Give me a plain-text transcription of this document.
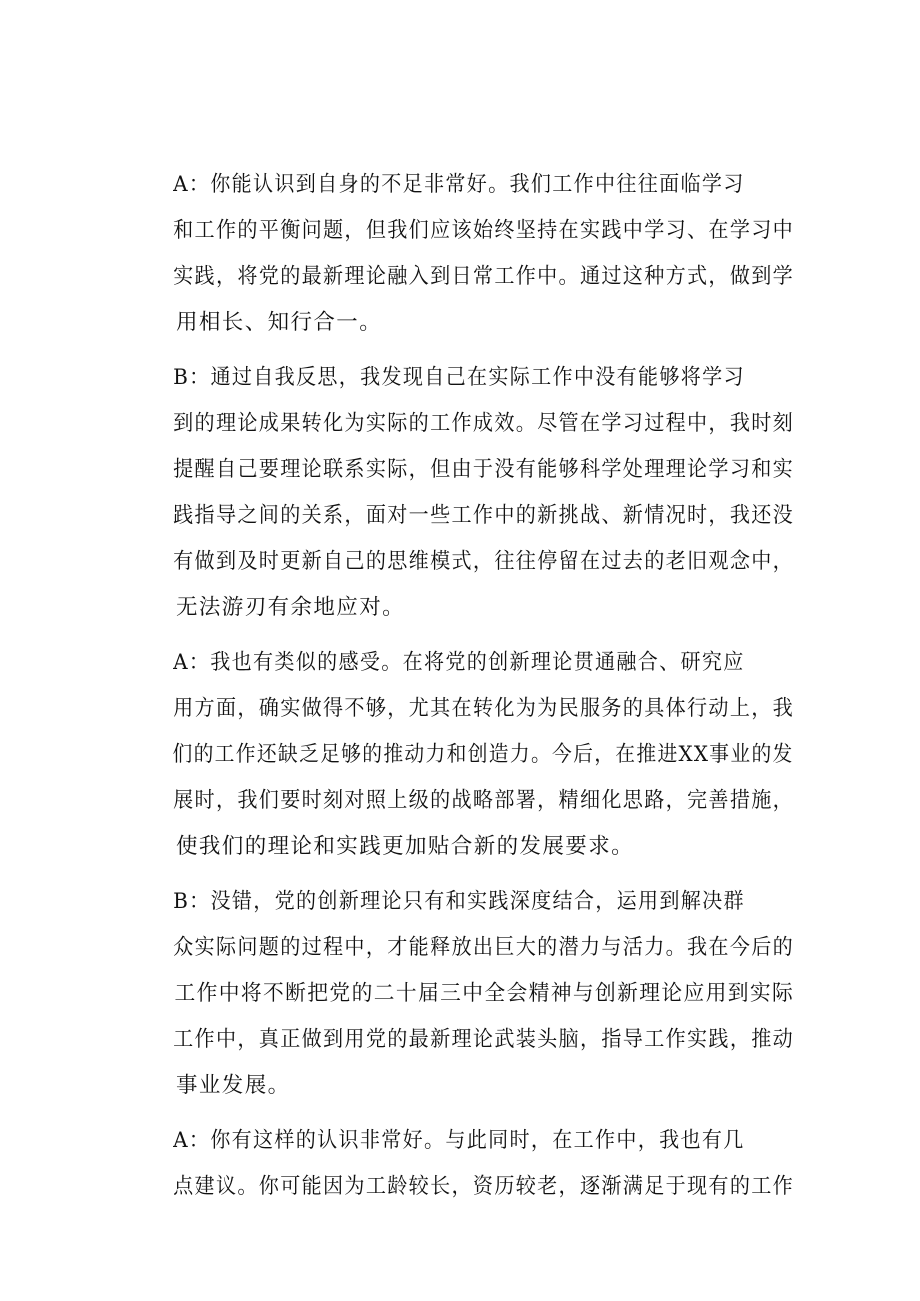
A：你能认识到自身的不足非常好。我们工作中往往面临学习
和工作的平衡问题，但我们应该始终坚持在实践中学习、在学习中
实践，将党的最新理论融入到日常工作中。通过这种方式，做到学
用相长、知行合一。

B：通过自我反思，我发现自己在实际工作中没有能够将学习
到的理论成果转化为实际的工作成效。尽管在学习过程中，我时刻
提醒自己要理论联系实际，但由于没有能够科学处理理论学习和实
践指导之间的关系，面对一些工作中的新挑战、新情况时，我还没
有做到及时更新自己的思维模式，往往停留在过去的老旧观念中，
无法游刃有余地应对。

A：我也有类似的感受。在将党的创新理论贯通融合、研究应
用方面，确实做得不够，尤其在转化为为民服务的具体行动上，我
们的工作还缺乏足够的推动力和创造力。今后，在推进XX事业的发
展时，我们要时刻对照上级的战略部署，精细化思路，完善措施，
使我们的理论和实践更加贴合新的发展要求。

B：没错，党的创新理论只有和实践深度结合，运用到解决群
众实际问题的过程中，才能释放出巨大的潜力与活力。我在今后的
工作中将不断把党的二十届三中全会精神与创新理论应用到实际
工作中，真正做到用党的最新理论武装头脑，指导工作实践，推动
事业发展。

A：你有这样的认识非常好。与此同时，在工作中，我也有几
点建议。你可能因为工龄较长，资历较老，逐渐满足于现有的工作
